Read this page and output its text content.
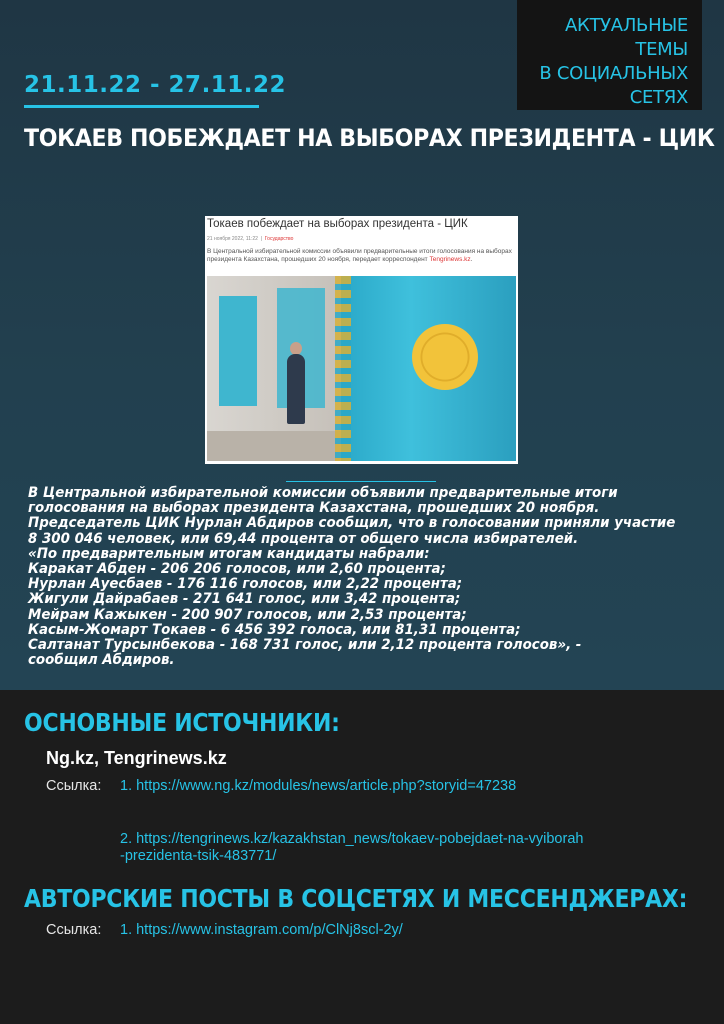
АКТУАЛЬНЫЕ ТЕМЫ
В СОЦИАЛЬНЫХ
СЕТЯХ
21.11.22 - 27.11.22
ТОКАЕВ ПОБЕЖДАЕТ НА ВЫБОРАХ ПРЕЗИДЕНТА - ЦИК
Токаев побеждает на выборах президента - ЦИК
21 ноября 2022, 11:22  |  Государство
В Центральной избирательной комиссии объявили предварительные итоги голосования на выборах президента Казахстана, прошедших 20 ноября, передает корреспондент Tengrinews.kz.

В Центральной избирательной комиссии объявили предварительные итоги

голосования на выборах президента Казахстана, прошедших 20 ноября.

Председатель ЦИК Нурлан Абдиров сообщил, что в голосовании приняли участие

8 300 046 человек, или 69,44 процента от общего числа избирателей.

«По предварительным итогам кандидаты набрали:

Каракат Абден - 206 206 голосов, или 2,60 процента;

Нурлан Ауесбаев - 176 116 голосов, или 2,22 процента;

Жигули Дайрабаев - 271 641 голос, или 3,42 процента;

Мейрам Кажыкен - 200 907 голосов, или 2,53 процента;

Касым-Жомарт Токаев - 6 456 392 голоса, или 81,31 процента;

Салтанат Турсынбекова - 168 731 голос, или 2,12 процента голосов», -

сообщил Абдиров.

ОСНОВНЫЕ ИСТОЧНИКИ:
Ng.kz, Tengrinews.kz
Ссылка: 1. https://www.ng.kz/modules/news/article.php?storyid=47238
2. https://tengrinews.kz/kazakhstan_news/tokaev-pobejdaet-na-vyiborah
-prezidenta-tsik-483771/
АВТОРСКИЕ ПОСТЫ В СОЦСЕТЯХ И МЕССЕНДЖЕРАХ:
Ссылка: 1. https://www.instagram.com/p/ClNj8scl-2y/
